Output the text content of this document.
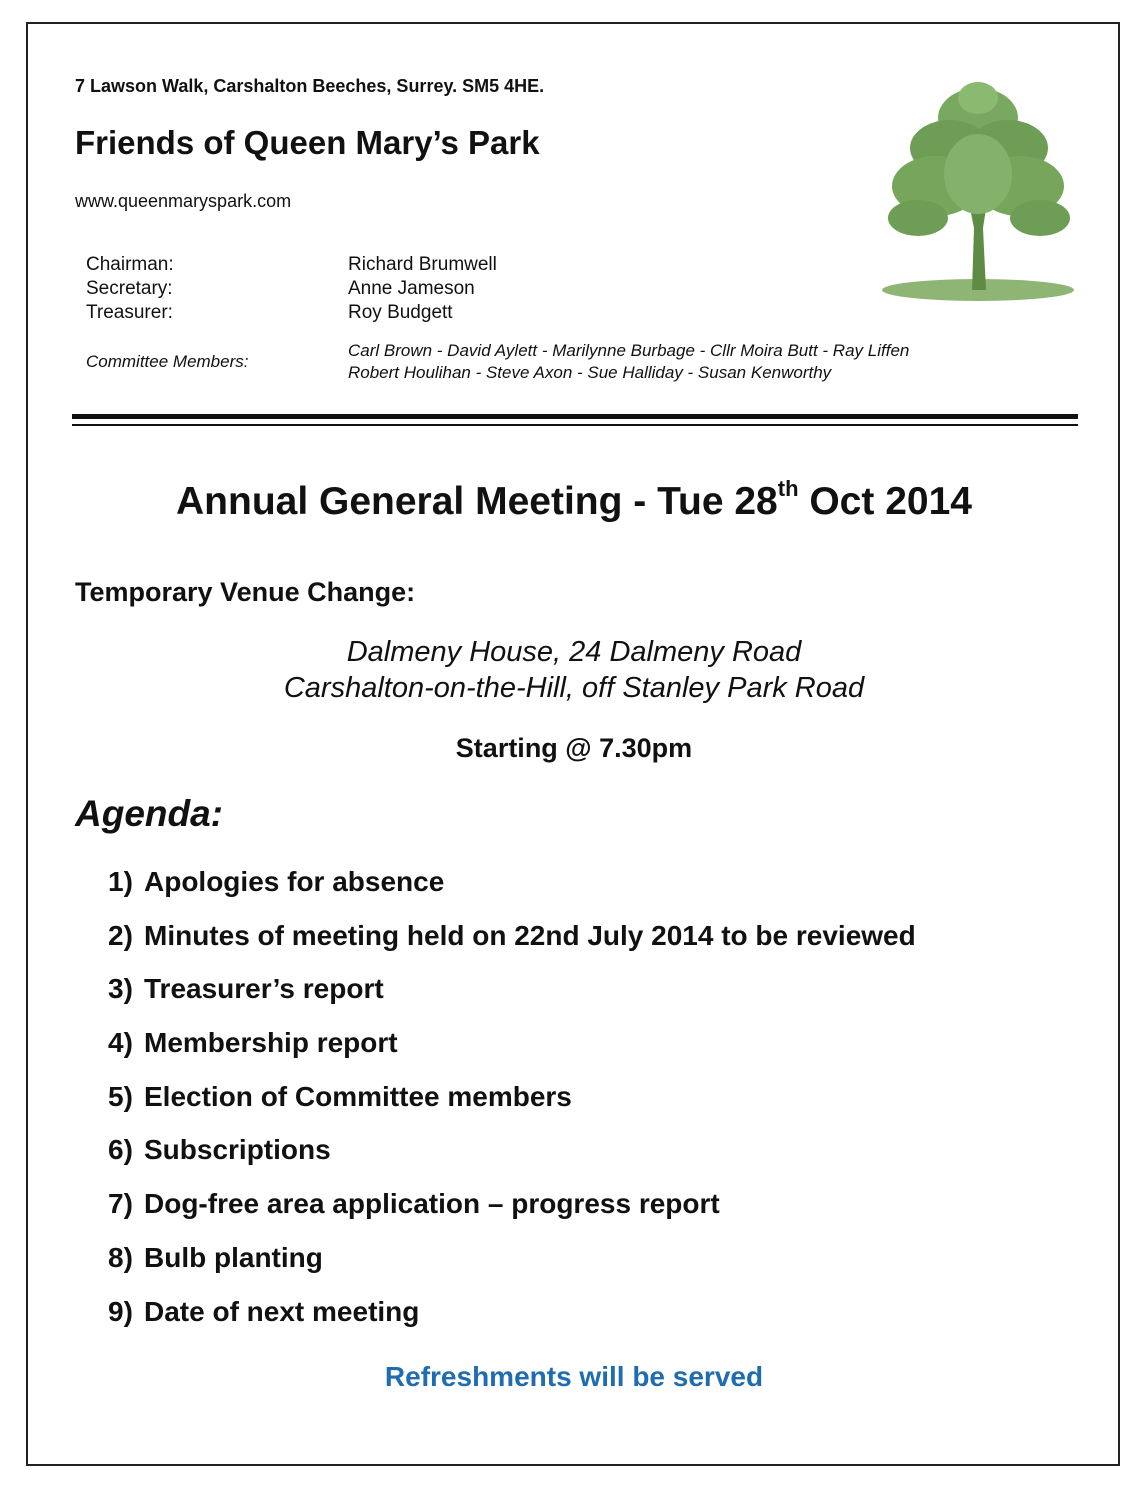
7 Lawson Walk, Carshalton Beeches, Surrey. SM5 4HE.
Friends of Queen Mary’s Park
www.queenmaryspark.com
Chairman:	Richard Brumwell
Secretary:	Anne Jameson
Treasurer:	Roy Budgett
Committee Members:
Carl Brown - David Aylett - Marilynne Burbage - Cllr Moira Butt - Ray Liffen
Robert Houlihan - Steve Axon - Sue Halliday - Susan Kenworthy
Annual General Meeting - Tue 28th Oct 2014
Temporary Venue Change:
Dalmeny House, 24 Dalmeny Road
Carshalton-on-the-Hill, off Stanley Park Road
Starting @ 7.30pm
Agenda:
1) Apologies for absence
2) Minutes of meeting held on 22nd July 2014 to be reviewed
3) Treasurer’s report
4) Membership report
5) Election of Committee members
6) Subscriptions
7) Dog-free area application – progress report
8) Bulb planting
9) Date of next meeting
Refreshments will be served
